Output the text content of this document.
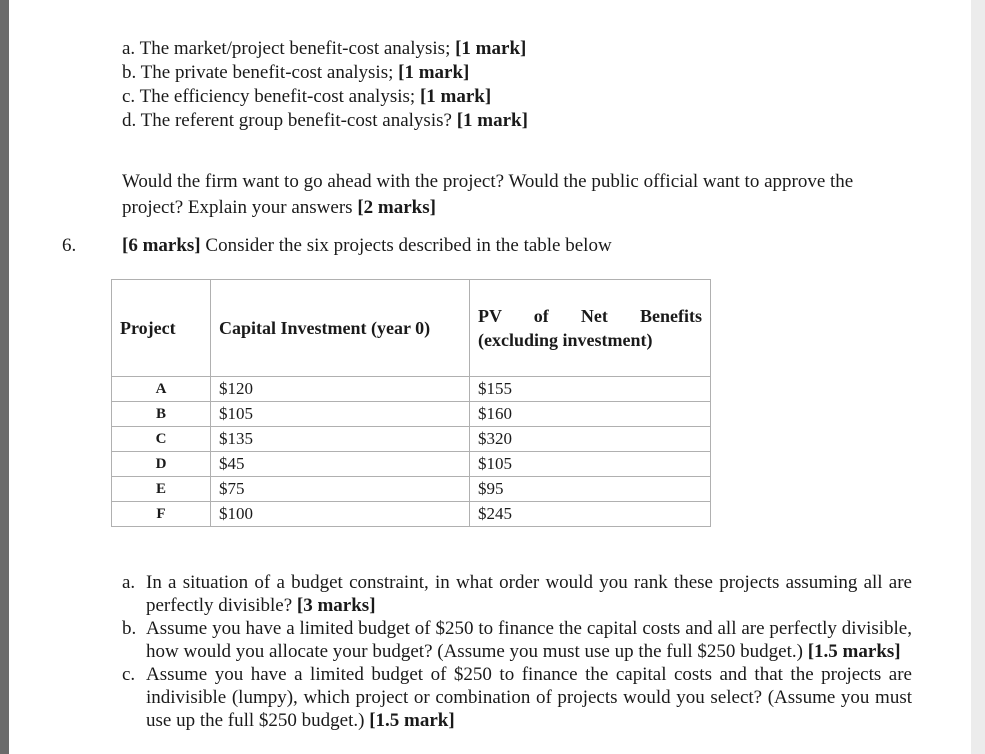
a. The market/project benefit-cost analysis; [1 mark]
b. The private benefit-cost analysis; [1 mark]
c. The efficiency benefit-cost analysis; [1 mark]
d. The referent group benefit-cost analysis? [1 mark]
Would the firm want to go ahead with the project? Would the public official want to approve the
project? Explain your answers [2 marks]
6. [6 marks] Consider the six projects described in the table below
Project	Capital Investment (year 0)	PV of Net Benefits
(excluding investment)

A	$120	$155
B	$105	$160
C	$135	$320
D	$45	$105
E	$75	$95
F	$100	$245
a. In a situation of a budget constraint, in what order would you rank these projects assuming all are perfectly divisible? [3 marks]
b. Assume you have a limited budget of $250 to finance the capital costs and all are perfectly divisible, how would you allocate your budget? (Assume you must use up the full $250 budget.) [1.5 marks]
c. Assume you have a limited budget of $250 to finance the capital costs and that the projects are indivisible (lumpy), which project or combination of projects would you select? (Assume you must use up the full $250 budget.) [1.5 mark]
